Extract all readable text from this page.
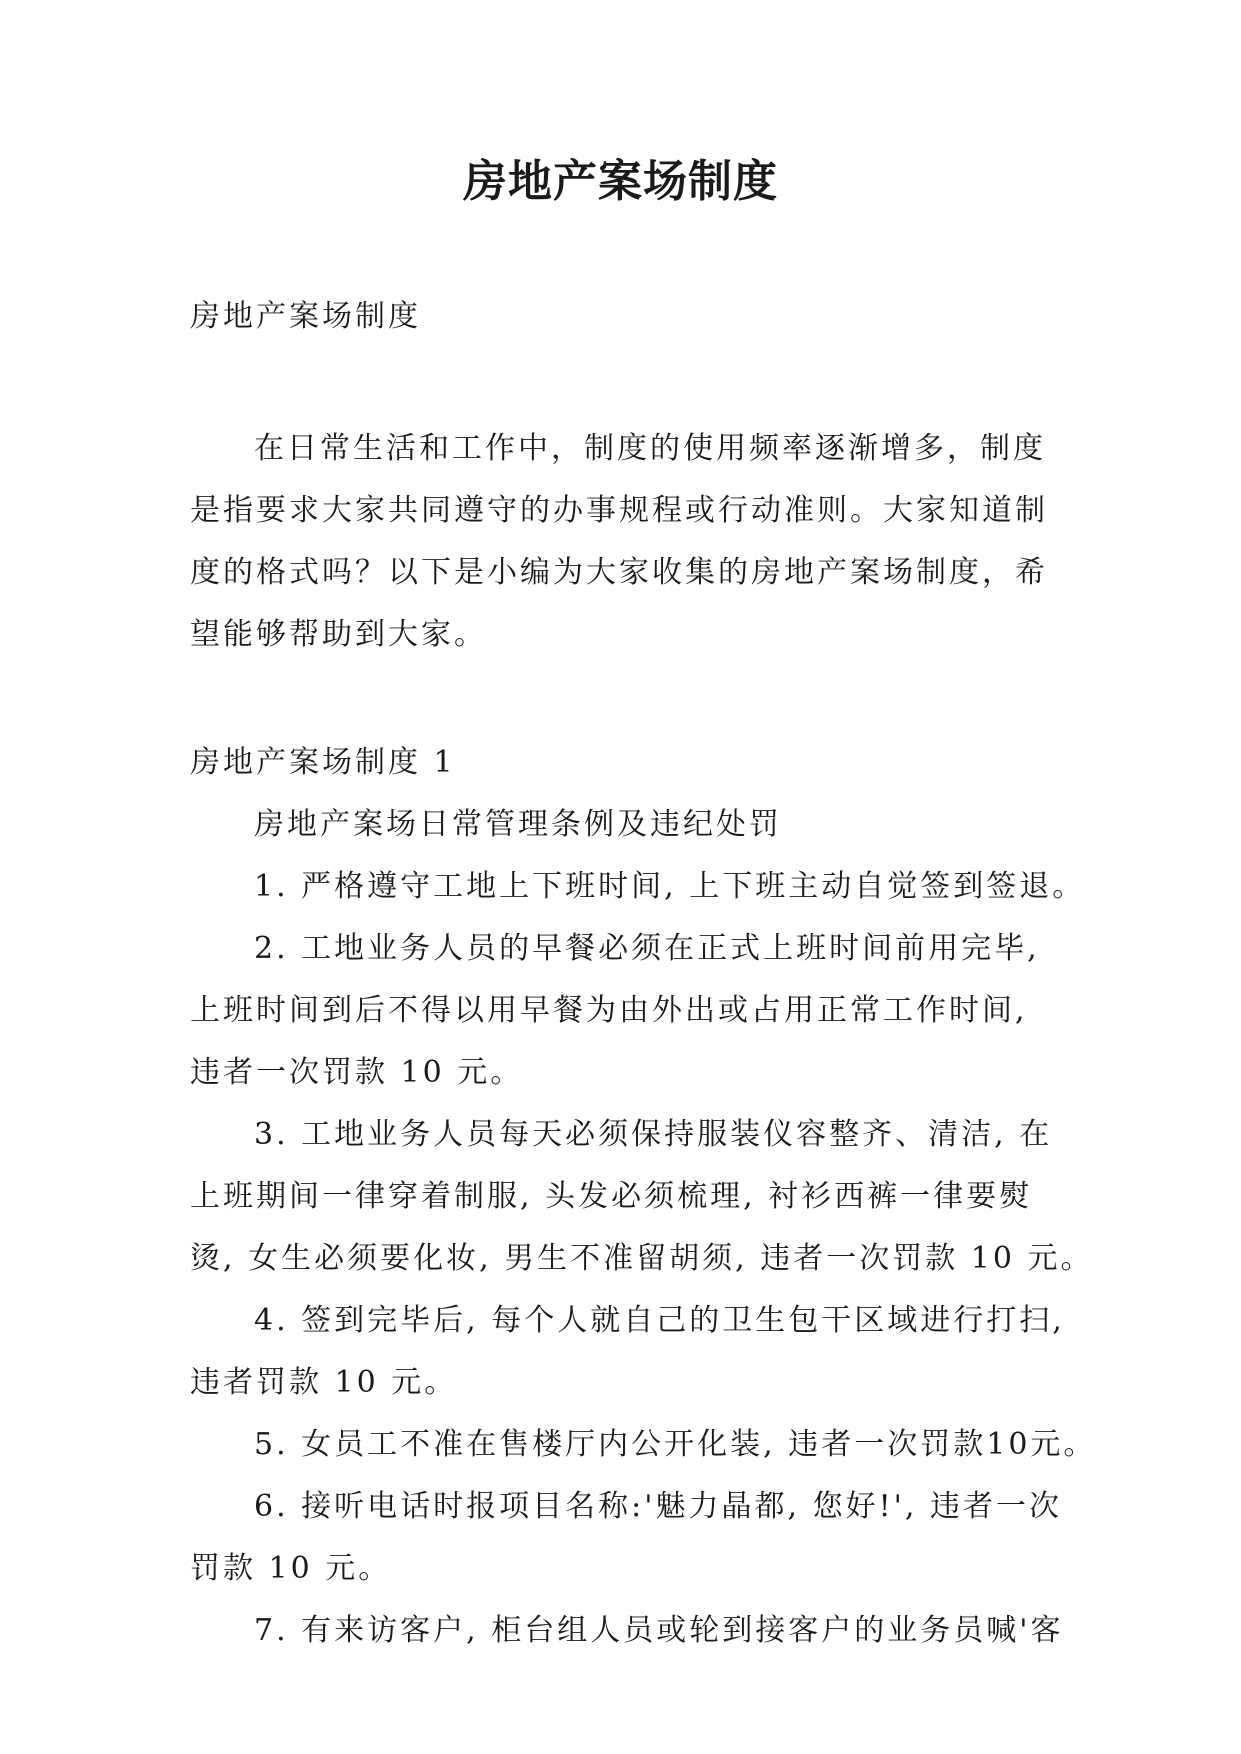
房地产案场制度
房地产案场制度
在日常生活和工作中，制度的使用频率逐渐增多，制度
是指要求大家共同遵守的办事规程或行动准则。大家知道制
度的格式吗？以下是小编为大家收集的房地产案场制度，希
望能够帮助到大家。
房地产案场制度 1
房地产案场日常管理条例及违纪处罚
1. 严格遵守工地上下班时间, 上下班主动自觉签到签退。
2. 工地业务人员的早餐必须在正式上班时间前用完毕,
上班时间到后不得以用早餐为由外出或占用正常工作时间,
违者一次罚款 10 元。
3. 工地业务人员每天必须保持服装仪容整齐、清洁, 在
上班期间一律穿着制服, 头发必须梳理, 衬衫西裤一律要熨
烫, 女生必须要化妆, 男生不准留胡须, 违者一次罚款 10 元。
4. 签到完毕后, 每个人就自己的卫生包干区域进行打扫,
违者罚款 10 元。
5. 女员工不准在售楼厅内公开化装, 违者一次罚款10元。
6. 接听电话时报项目名称:'魅力晶都, 您好!', 违者一次
罚款 10 元。
7. 有来访客户, 柜台组人员或轮到接客户的业务员喊'客
